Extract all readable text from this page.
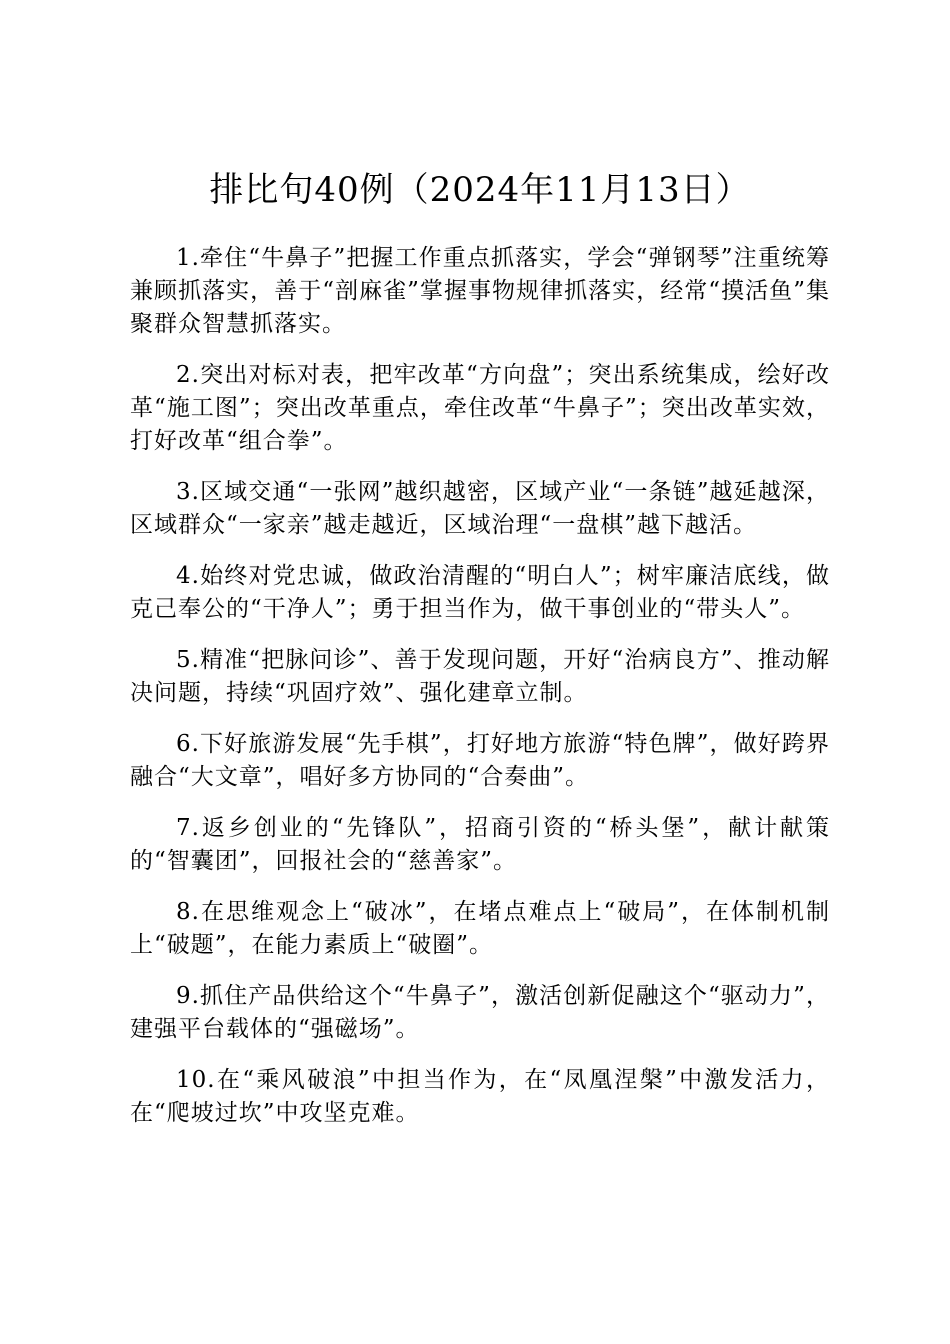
排比句40例（2024年11月13日）

1.牵住“牛鼻子”把握工作重点抓落实，学会“弹钢琴”注重统筹兼顾抓落实，善于“剖麻雀”掌握事物规律抓落实，经常“摸活鱼”集聚群众智慧抓落实。

2.突出对标对表，把牢改革“方向盘”；突出系统集成，绘好改革“施工图”；突出改革重点，牵住改革“牛鼻子”；突出改革实效，打好改革“组合拳”。

3.区域交通“一张网”越织越密，区域产业“一条链”越延越深，区域群众“一家亲”越走越近，区域治理“一盘棋”越下越活。

4.始终对党忠诚，做政治清醒的“明白人”；树牢廉洁底线，做克己奉公的“干净人”；勇于担当作为，做干事创业的“带头人”。

5.精准“把脉问诊”、善于发现问题，开好“治病良方”、推动解决问题，持续“巩固疗效”、强化建章立制。

6.下好旅游发展“先手棋”，打好地方旅游“特色牌”，做好跨界融合“大文章”，唱好多方协同的“合奏曲”。

7.返乡创业的“先锋队”，招商引资的“桥头堡”，献计献策的“智囊团”，回报社会的“慈善家”。

8.在思维观念上“破冰”，在堵点难点上“破局”，在体制机制上“破题”，在能力素质上“破圈”。

9.抓住产品供给这个“牛鼻子”，激活创新促融这个“驱动力”，建强平台载体的“强磁场”。

10.在“乘风破浪”中担当作为，在“凤凰涅槃”中激发活力，在“爬坡过坎”中攻坚克难。
